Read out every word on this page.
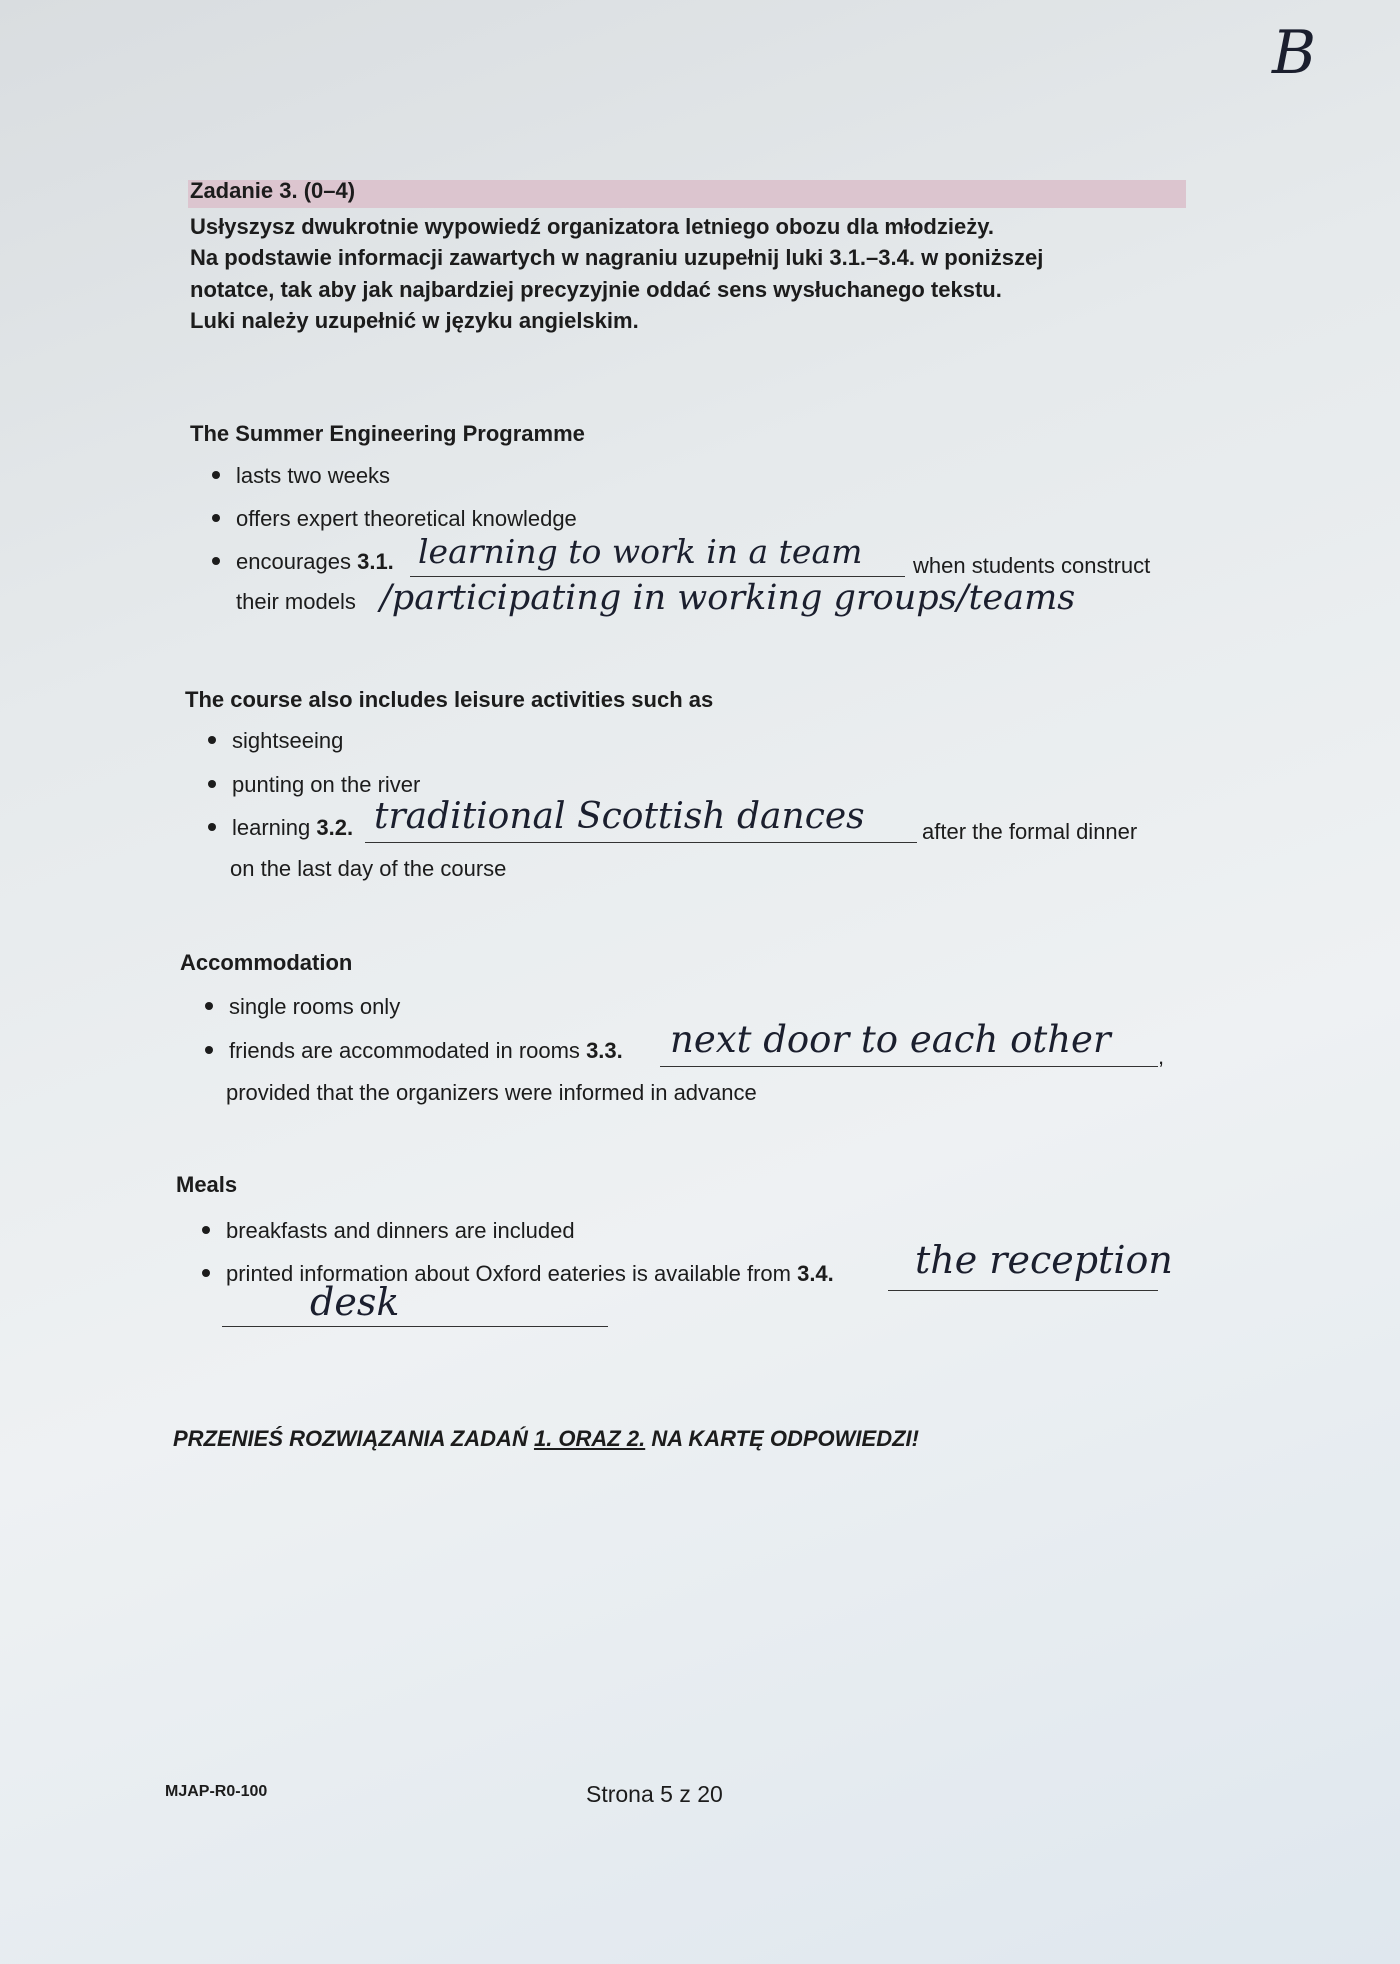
B
Zadanie 3. (0–4)
Usłyszysz dwukrotnie wypowiedź organizatora letniego obozu dla młodzieży.
Na podstawie informacji zawartych w nagraniu uzupełnij luki 3.1.–3.4. w poniższej
notatce, tak aby jak najbardziej precyzyjnie oddać sens wysłuchanego tekstu.
Luki należy uzupełnić w języku angielskim.
The Summer Engineering Programme
lasts two weeks
offers expert theoretical knowledge
encourages 3.1. learning to work in a team when students construct
their models /participating in working groups/teams
The course also includes leisure activities such as
sightseeing
punting on the river
learning 3.2. traditional Scottish dances	after the formal dinner
on the last day of the course
Accommodation
single rooms only
friends are accommodated in rooms 3.3. next door to each other ,
provided that the organizers were informed in advance
Meals
breakfasts and dinners are included
printed information about Oxford eateries is available from 3.4. the reception
desk
PRZENIEŚ ROZWIĄZANIA ZADAŃ 1. ORAZ 2. NA KARTĘ ODPOWIEDZI!
MJAP-R0-100	Strona 5 z 20
